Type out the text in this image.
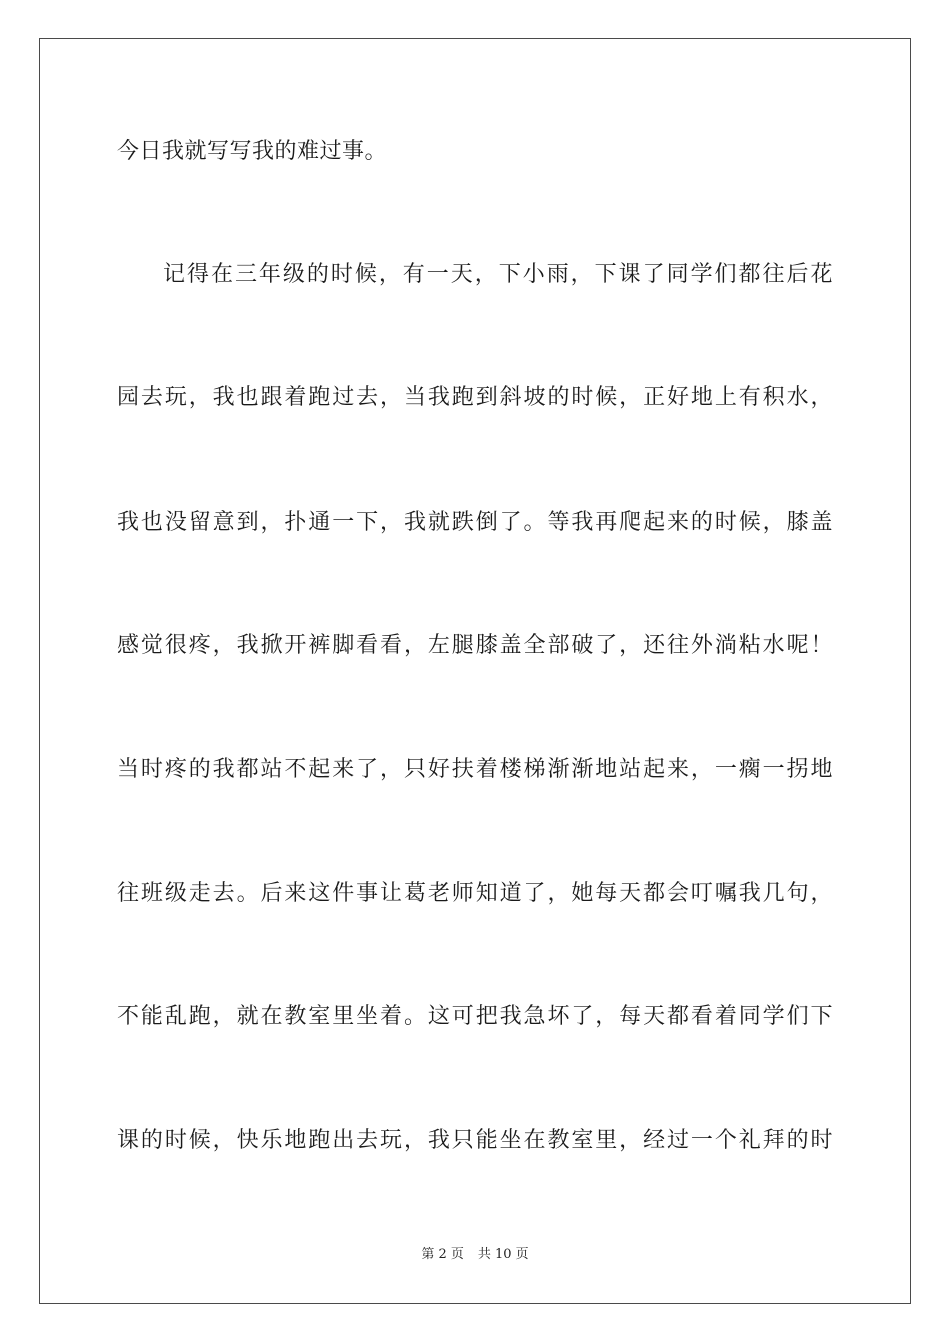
今日我就写写我的难过事。
记得在三年级的时候，有一天，下小雨，下课了同学们都往后花
园去玩，我也跟着跑过去，当我跑到斜坡的时候，正好地上有积水，
我也没留意到，扑通一下，我就跌倒了。等我再爬起来的时候，膝盖
感觉很疼，我掀开裤脚看看，左腿膝盖全部破了，还往外淌粘水呢！
当时疼的我都站不起来了，只好扶着楼梯渐渐地站起来，一瘸一拐地
往班级走去。后来这件事让葛老师知道了，她每天都会叮嘱我几句，
不能乱跑，就在教室里坐着。这可把我急坏了，每天都看着同学们下
课的时候，快乐地跑出去玩，我只能坐在教室里，经过一个礼拜的时
第 2 页 共 10 页
